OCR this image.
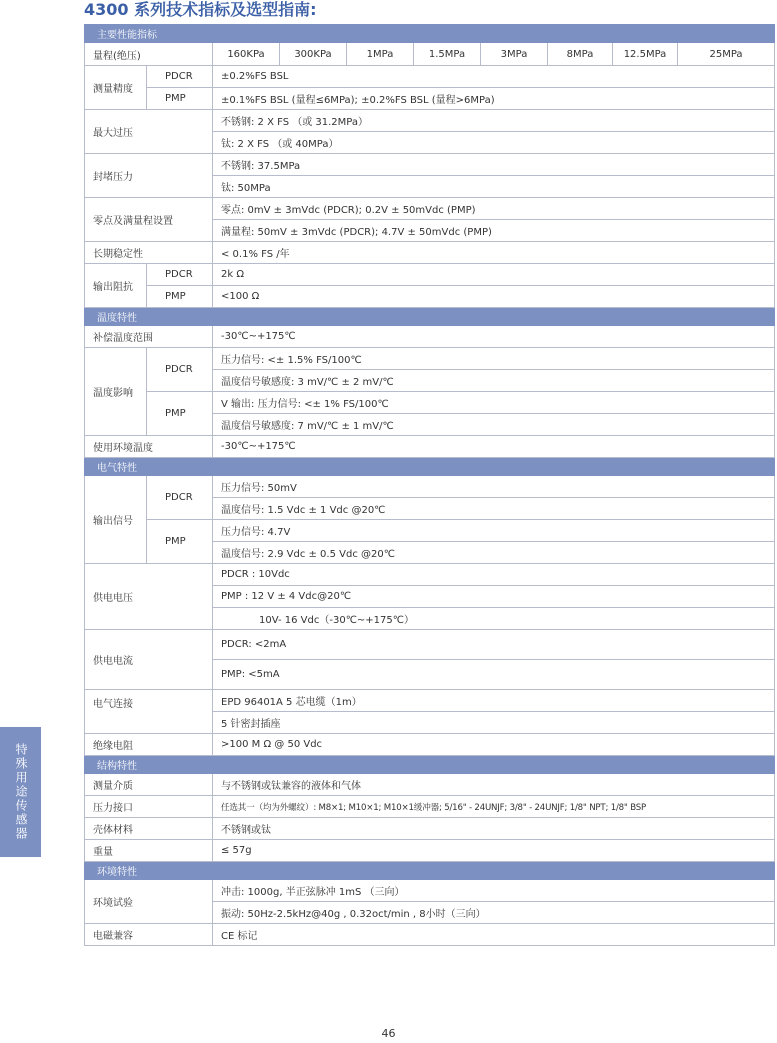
4300 系列技术指标及选型指南:
主要性能指标									
量程(绝压)		160KPa	300KPa	1MPa	1.5MPa	3MPa	8MPa	12.5MPa	25MPa
测量精度	PDCR	±0.2%FS BSL							
	PMP	±0.1%FS BSL (量程≤6MPa); ±0.2%FS BSL (量程>6MPa)							
最大过压		不锈钢: 2 X FS （或 31.2MPa）							
		钛: 2 X FS （或 40MPa）							
封堵压力		不锈钢: 37.5MPa							
		钛: 50MPa							
零点及满量程设置		零点: 0mV ± 3mVdc (PDCR); 0.2V ± 50mVdc (PMP)							
		满量程: 50mV ± 3mVdc (PDCR); 4.7V ± 50mVdc (PMP)							
长期稳定性		< 0.1% FS /年							
输出阻抗	PDCR	2k Ω							
	PMP	<100 Ω							
温度特性									
补偿温度范围		-30℃~+175℃							
温度影响	PDCR	压力信号: <± 1.5% FS/100℃							
		温度信号敏感度: 3 mV/℃ ± 2 mV/℃							
	PMP	V 输出: 压力信号: <± 1% FS/100℃							
		温度信号敏感度: 7 mV/℃ ± 1 mV/℃							
使用环境温度		-30℃~+175℃							
电气特性									
输出信号	PDCR	压力信号: 50mV							
		温度信号: 1.5 Vdc ± 1 Vdc @20℃							
	PMP	压力信号: 4.7V							
		温度信号: 2.9 Vdc ± 0.5 Vdc @20℃							
供电电压		PDCR : 10Vdc							
		PMP : 12 V ± 4 Vdc@20℃							
		10V- 16 Vdc（-30℃~+175℃）							
供电电流		PDCR: <2mA							
		PMP: <5mA							
电气连接		EPD 96401A 5 芯电缆（1m）							
		5 针密封插座							
绝缘电阻		>100 M Ω @ 50 Vdc							
结构特性									
测量介质		与不锈钢或钛兼容的液体和气体							
压力接口		任选其一（均为外螺纹）: M8×1; M10×1; M10×1缓冲器; 5/16" - 24UNJF; 3/8" - 24UNJF; 1/8" NPT; 1/8" BSP							
壳体材料		不锈钢或钛							
重量		≤ 57g							
环境特性									
环境试验		冲击: 1000g, 半正弦脉冲 1mS （三向）							
		振动: 50Hz-2.5kHz@40g , 0.32oct/min , 8小时（三向）							
电磁兼容		CE 标记							
特殊用途传感器
46
